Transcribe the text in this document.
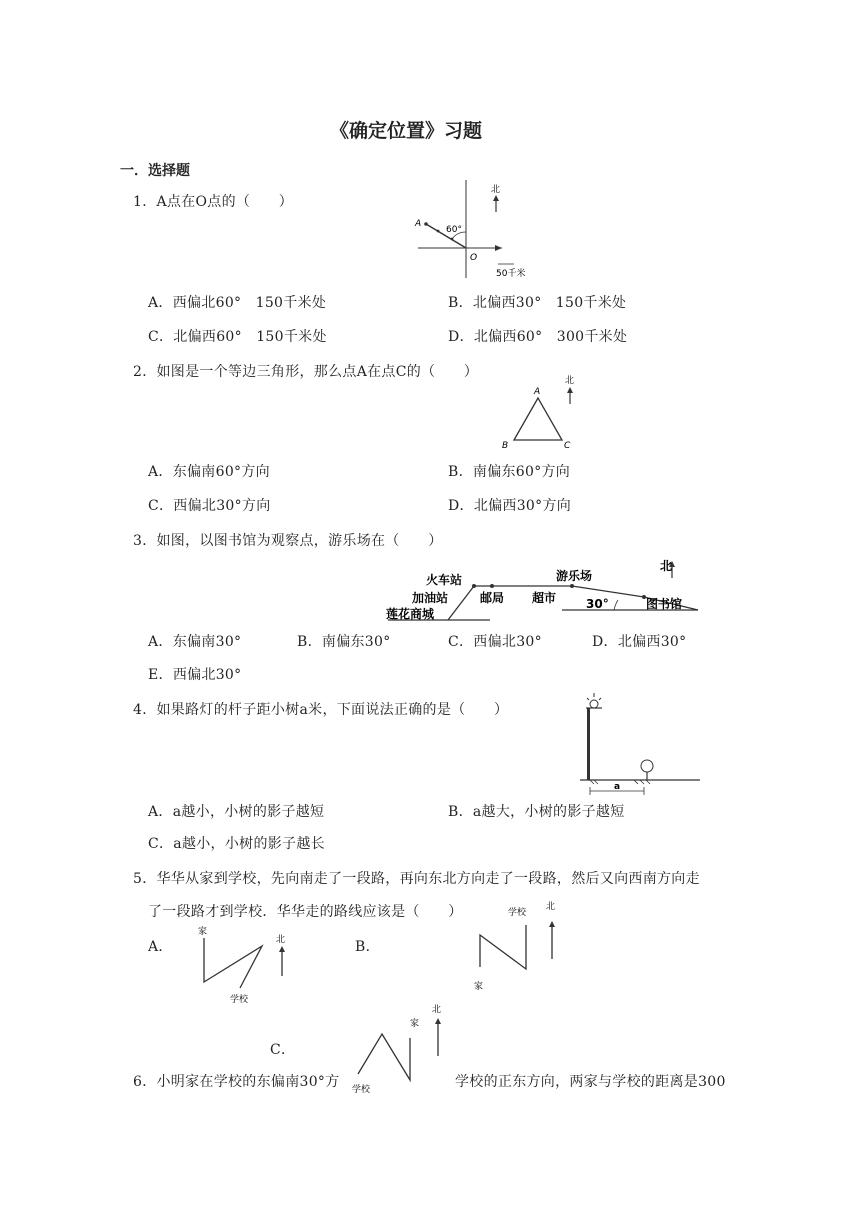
《确定位置》习题
一．选择题
1．A点在O点的（　　）
北
A
60°
O
50千米
A．西偏北60°　150千米处	B．北偏西30°　150千米处
C．北偏西60°　150千米处	D．北偏西60°　300千米处
2．如图是一个等边三角形，那么点A在点C的（　　）
A
B	C
北
A．东偏南60°方向	B．南偏东60°方向
C．西偏北30°方向	D．北偏西30°方向
3．如图，以图书馆为观察点，游乐场在（　　）
火车站
加油站
莲花商城
邮局 超市
游乐场
30°	图书馆
北
A．东偏南30°	B．南偏东30°	C．西偏北30°	D．北偏西30°
E．西偏北30°
4．如果路灯的杆子距小树a米，下面说法正确的是（　　）
a
A．a越小，小树的影子越短	B．a越大，小树的影子越短
C．a越小，小树的影子越长
5．华华从家到学校，先向南走了一段路，再向东北方向走了一段路，然后又向西南方向走
了一段路才到学校．华华走的路线应该是（　　）
A．
家
学校
北	B．
学校
家
北
C．
家
学校
北
6．小明家在学校的东偏南30°方	学校的正东方向，两家与学校的距离是300
